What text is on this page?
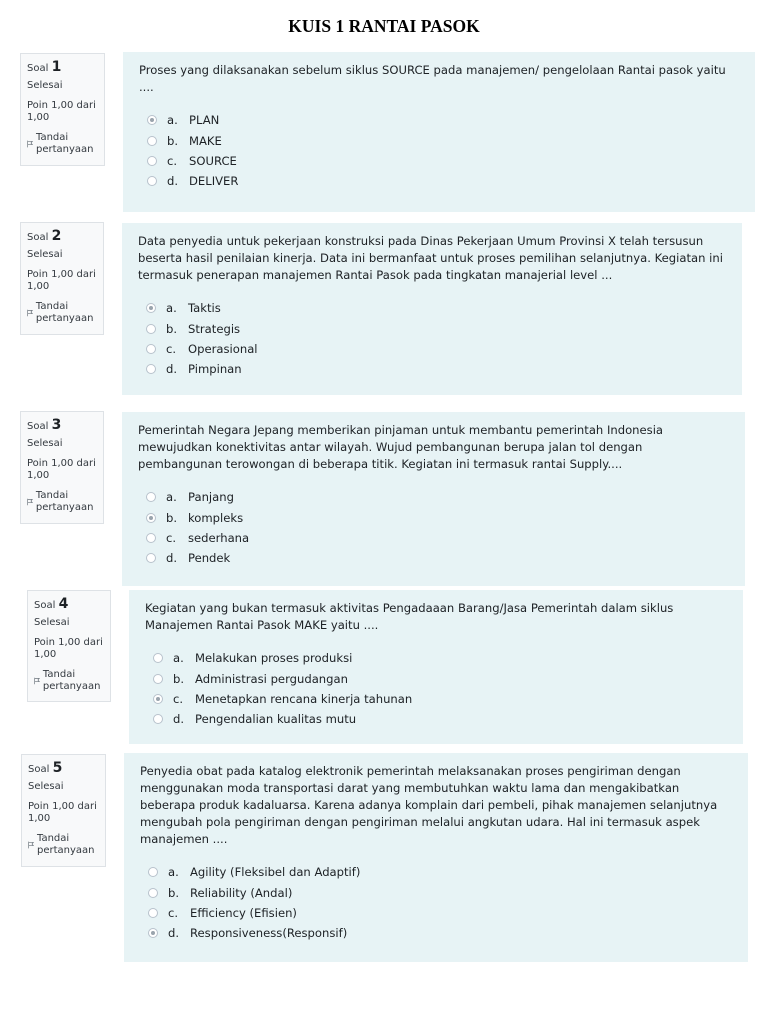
KUIS 1 RANTAI PASOK
Soal 1
Selesai
Poin 1,00 dari 1,00
Tandai pertanyaan
Proses yang dilaksanakan sebelum siklus SOURCE pada manajemen/ pengelolaan Rantai pasok yaitu ....
a. PLAN
b. MAKE
c.	SOURCE
d. DELIVER
Soal 2
Selesai
Poin 1,00 dari 1,00
Tandai pertanyaan
Data penyedia untuk pekerjaan konstruksi pada Dinas Pekerjaan Umum Provinsi X telah tersusun beserta hasil penilaian kinerja. Data ini bermanfaat untuk proses pemilihan selanjutnya. Kegiatan ini termasuk penerapan manajemen Rantai Pasok pada tingkatan manajerial level ...
a. Taktis
b. Strategis
c.	Operasional
d. Pimpinan
Soal 3
Selesai
Poin 1,00 dari 1,00
Tandai pertanyaan
Pemerintah Negara Jepang memberikan pinjaman untuk membantu pemerintah Indonesia mewujudkan konektivitas antar wilayah. Wujud pembangunan berupa jalan tol dengan pembangunan terowongan di beberapa titik. Kegiatan ini termasuk rantai Supply....
a. Panjang
b. kompleks
c.	sederhana
d. Pendek
Soal 4
Selesai
Poin 1,00 dari 1,00
Tandai pertanyaan
Kegiatan yang bukan termasuk aktivitas Pengadaaan Barang/Jasa Pemerintah dalam siklus Manajemen Rantai Pasok MAKE yaitu ....
a. Melakukan proses produksi
b. Administrasi pergudangan
c.	Menetapkan rencana kinerja tahunan
d. Pengendalian kualitas mutu
Soal 5
Selesai
Poin 1,00 dari 1,00
Tandai pertanyaan
Penyedia obat pada katalog elektronik pemerintah melaksanakan proses pengiriman dengan menggunakan moda transportasi darat yang membutuhkan waktu lama dan mengakibatkan beberapa produk kadaluarsa. Karena adanya komplain dari pembeli, pihak manajemen selanjutnya mengubah pola pengiriman dengan pengiriman melalui angkutan udara. Hal ini termasuk aspek manajemen ....
a. Agility (Fleksibel dan Adaptif)
b. Reliability (Andal)
c.	Efficiency (Efisien)
d. Responsiveness(Responsif)
